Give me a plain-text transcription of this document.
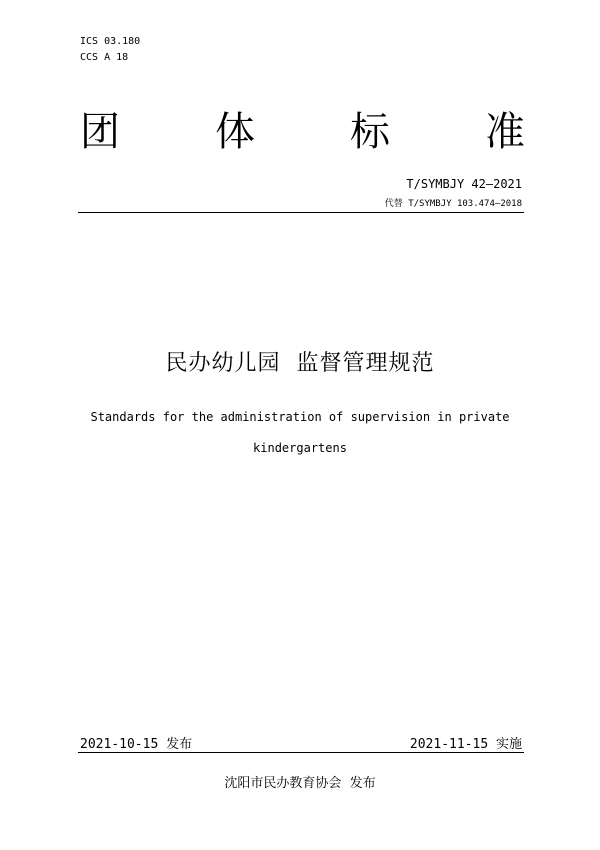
ICS 03.180
CCS A 18
团 体 标 准
T/SYMBJY 42—2021
代替 T/SYMBJY 103.474—2018
民办幼儿园  监督管理规范
Standards for the administration of supervision in private
kindergartens
2021-10-15 发布	2021-11-15 实施
沈阳市民办教育协会  发布
